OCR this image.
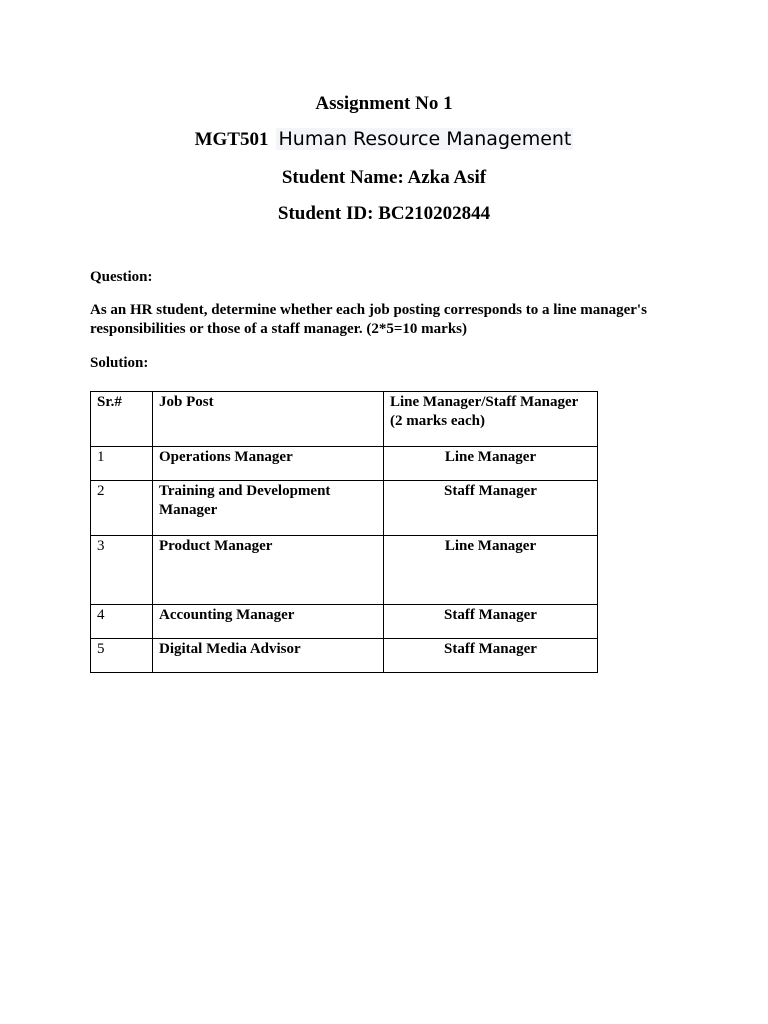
Assignment No 1
MGT501 Human Resource Management
Student Name: Azka Asif
Student ID: BC210202844
Question:
As an HR student, determine whether each job posting corresponds to a line manager's responsibilities or those of a staff manager. (2*5=10 marks)
Solution:
Sr.#	Job Post	Line Manager/Staff Manager
(2 marks each)

1	Operations Manager	Line Manager
2	Training and Development Manager	Staff Manager
3	Product Manager	Line Manager
4	Accounting Manager	Staff Manager
5	Digital Media Advisor	Staff Manager
